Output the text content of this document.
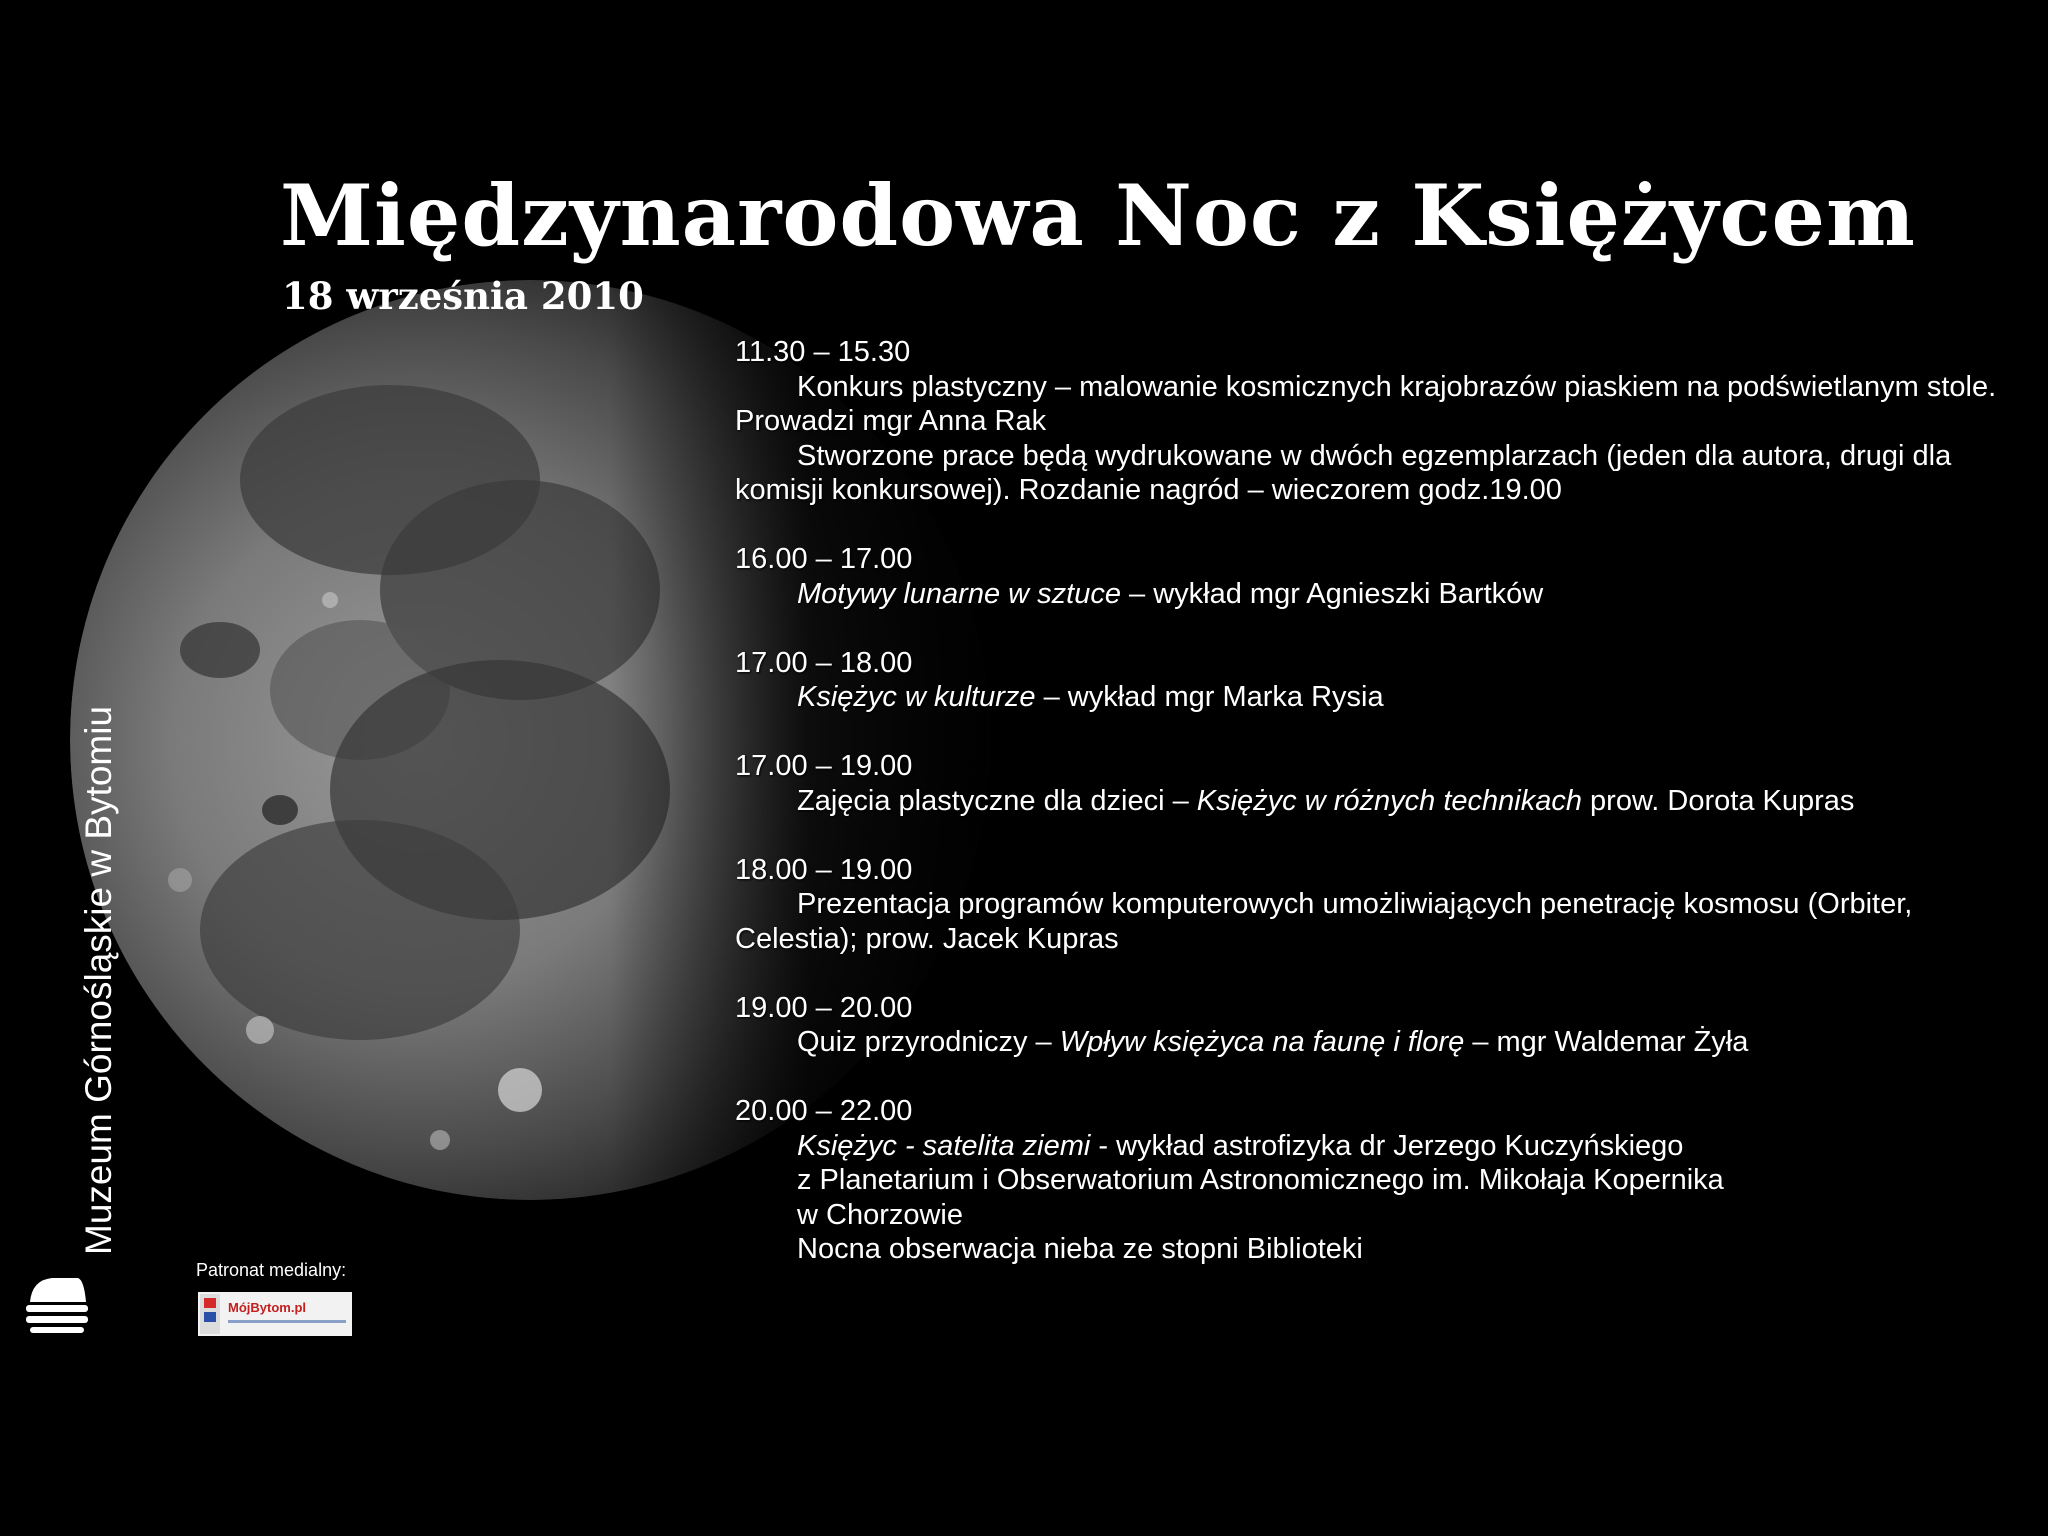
Międzynarodowa Noc z Księżycem
18 września 2010
11.30 – 15.30
Konkurs plastyczny – malowanie kosmicznych krajobrazów piaskiem na podświetlanym stole. Prowadzi mgr Anna Rak
Stworzone prace będą wydrukowane w dwóch egzemplarzach (jeden dla autora, drugi dla komisji konkursowej). Rozdanie nagród – wieczorem godz.19.00
16.00 – 17.00
Motywy lunarne w sztuce – wykład mgr Agnieszki Bartków
17.00 – 18.00
Księżyc w kulturze – wykład mgr Marka Rysia
17.00 – 19.00
Zajęcia plastyczne dla dzieci – Księżyc w różnych technikach prow. Dorota Kupras
18.00 – 19.00
Prezentacja programów komputerowych umożliwiających penetrację kosmosu (Orbiter, Celestia); prow. Jacek Kupras
19.00 – 20.00
Quiz przyrodniczy – Wpływ księżyca na faunę i florę – mgr Waldemar Żyła
20.00 – 22.00
Księżyc - satelita ziemi - wykład astrofizyka dr Jerzego Kuczyńskiego
z Planetarium i Obserwatorium Astronomicznego im. Mikołaja Kopernika
w Chorzowie
Nocna obserwacja nieba ze stopni Biblioteki
Muzeum Górnośląskie w Bytomiu
Patronat medialny:
MójBytom.pl
